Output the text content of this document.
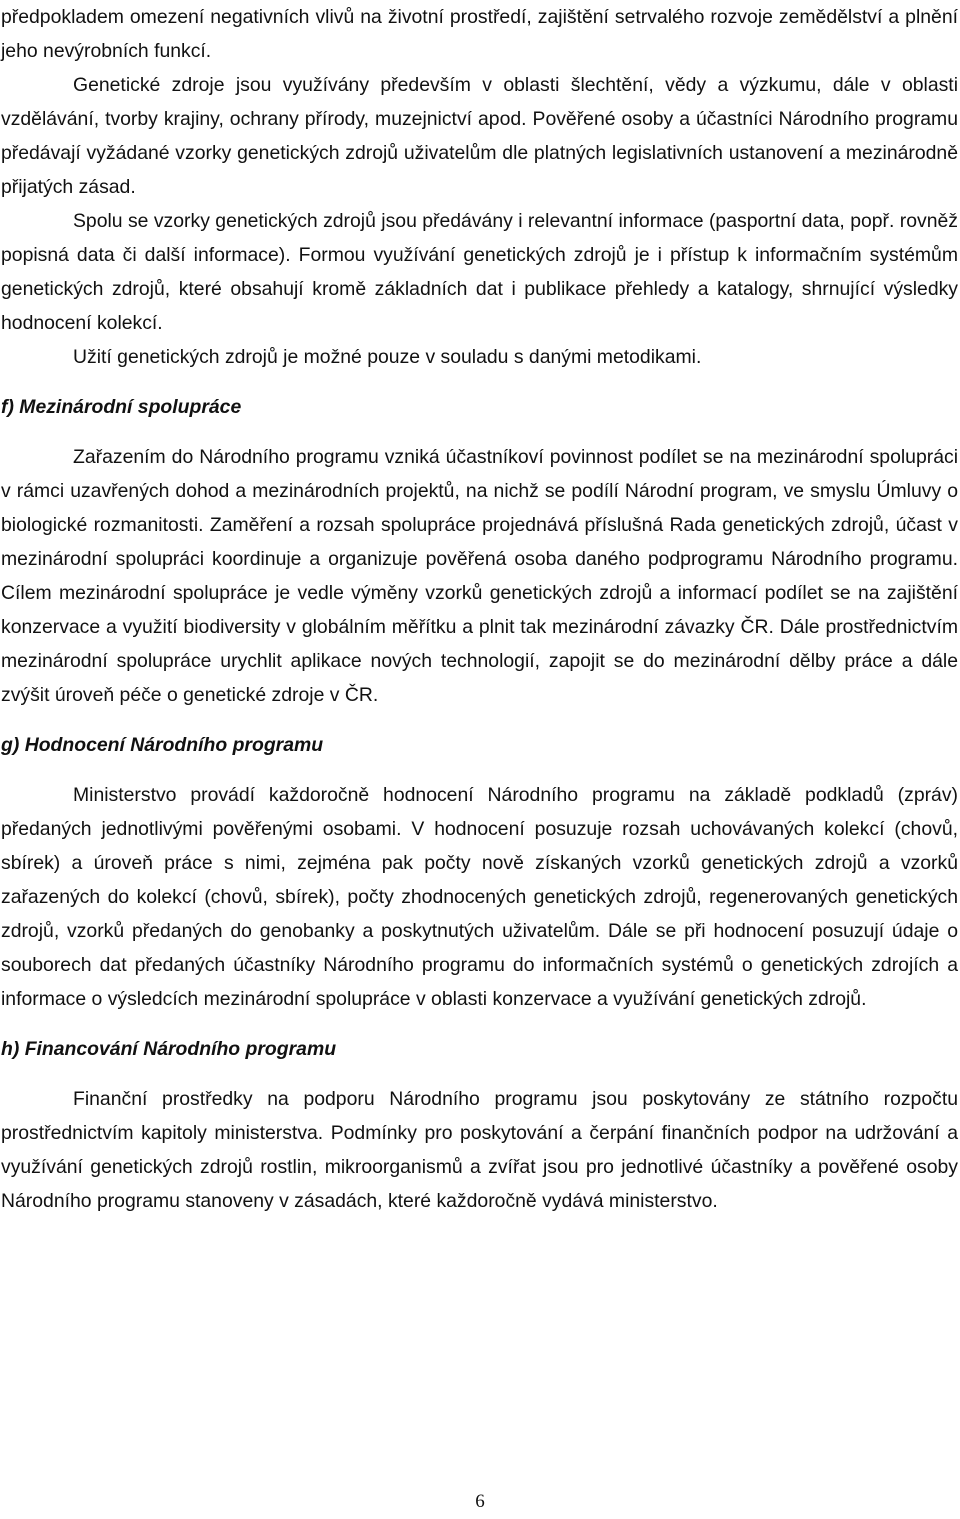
předpokladem omezení negativních vlivů na životní prostředí, zajištění setrvalého rozvoje zemědělství a plnění jeho nevýrobních funkcí.

Genetické zdroje jsou využívány především v oblasti šlechtění, vědy a výzkumu, dále v oblasti vzdělávání, tvorby krajiny, ochrany přírody, muzejnictví apod. Pověřené osoby a účastníci Národního programu předávají vyžádané vzorky genetických zdrojů uživatelům dle platných legislativních ustanovení a mezinárodně přijatých zásad.

Spolu se vzorky genetických zdrojů jsou předávány i relevantní informace (pasportní data, popř. rovněž popisná data či další informace). Formou využívání genetických zdrojů je i přístup k informačním systémům genetických zdrojů, které obsahují kromě základních dat i publikace přehledy a katalogy, shrnující výsledky hodnocení kolekcí.

Užití genetických zdrojů je možné pouze v souladu s danými metodikami.

f) Mezinárodní spolupráce

Zařazením do Národního programu vzniká účastníkoví povinnost podílet se na mezinárodní spolupráci v rámci uzavřených dohod a mezinárodních projektů, na nichž se podílí Národní program, ve smyslu Úmluvy o biologické rozmanitosti. Zaměření a rozsah spolupráce projednává příslušná Rada genetických zdrojů, účast v mezinárodní spolupráci koordinuje a organizuje pověřená osoba daného podprogramu Národního programu. Cílem mezinárodní spolupráce je vedle výměny vzorků genetických zdrojů a informací podílet se na zajištění konzervace a využití biodiversity v globálním měřítku a plnit tak mezinárodní závazky ČR. Dále prostřednictvím mezinárodní spolupráce urychlit aplikace nových technologií, zapojit se do mezinárodní dělby práce a dále zvýšit úroveň péče o genetické zdroje v ČR.

g) Hodnocení Národního programu

Ministerstvo provádí každoročně hodnocení Národního programu na základě podkladů (zpráv) předaných jednotlivými pověřenými osobami. V hodnocení posuzuje rozsah uchovávaných kolekcí (chovů, sbírek) a úroveň práce s nimi, zejména pak počty nově získaných vzorků genetických zdrojů a vzorků zařazených do kolekcí (chovů, sbírek), počty zhodnocených genetických zdrojů, regenerovaných genetických zdrojů, vzorků předaných do genobanky a poskytnutých uživatelům. Dále se při hodnocení posuzují údaje o souborech dat předaných účastníky Národního programu do informačních systémů o genetických zdrojích a informace o výsledcích mezinárodní spolupráce v oblasti konzervace a využívání genetických zdrojů.

h) Financování Národního programu

Finanční prostředky na podporu Národního programu jsou poskytovány ze státního rozpočtu prostřednictvím kapitoly ministerstva. Podmínky pro poskytování a čerpání finančních podpor na udržování a využívání genetických zdrojů rostlin, mikroorganismů a zvířat jsou pro jednotlivé účastníky a pověřené osoby Národního programu stanoveny v zásadách, které každoročně vydává ministerstvo.

6
